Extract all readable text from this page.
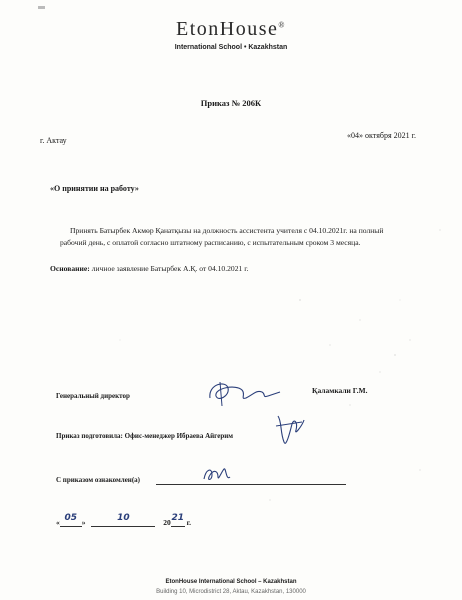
EtonHouse®
International School • Kazakhstan
Приказ № 206К
г. Актау
«04» октября 2021 г.
«О принятии на работу»
Принять Батырбек Акмөр Қанатқызы на должность ассистента учителя с 04.10.2021г. на полный
рабочий день, с оплатой согласно штатному расписанию, с испытательным сроком 3 месяца.
Основание: личное заявление Батырбек А.Қ. от 04.10.2021 г.
Генеральный директор
Қаламкали Г.М.
Приказ подготовила: Офис-менеджер Ибраева Айгерим
С приказом ознакомлен(а)
« 05 »	10	2021 г.
EtonHouse International School – Kazakhstan
Building 10, Microdistrict 28, Aktau, Kazakhstan, 130000
